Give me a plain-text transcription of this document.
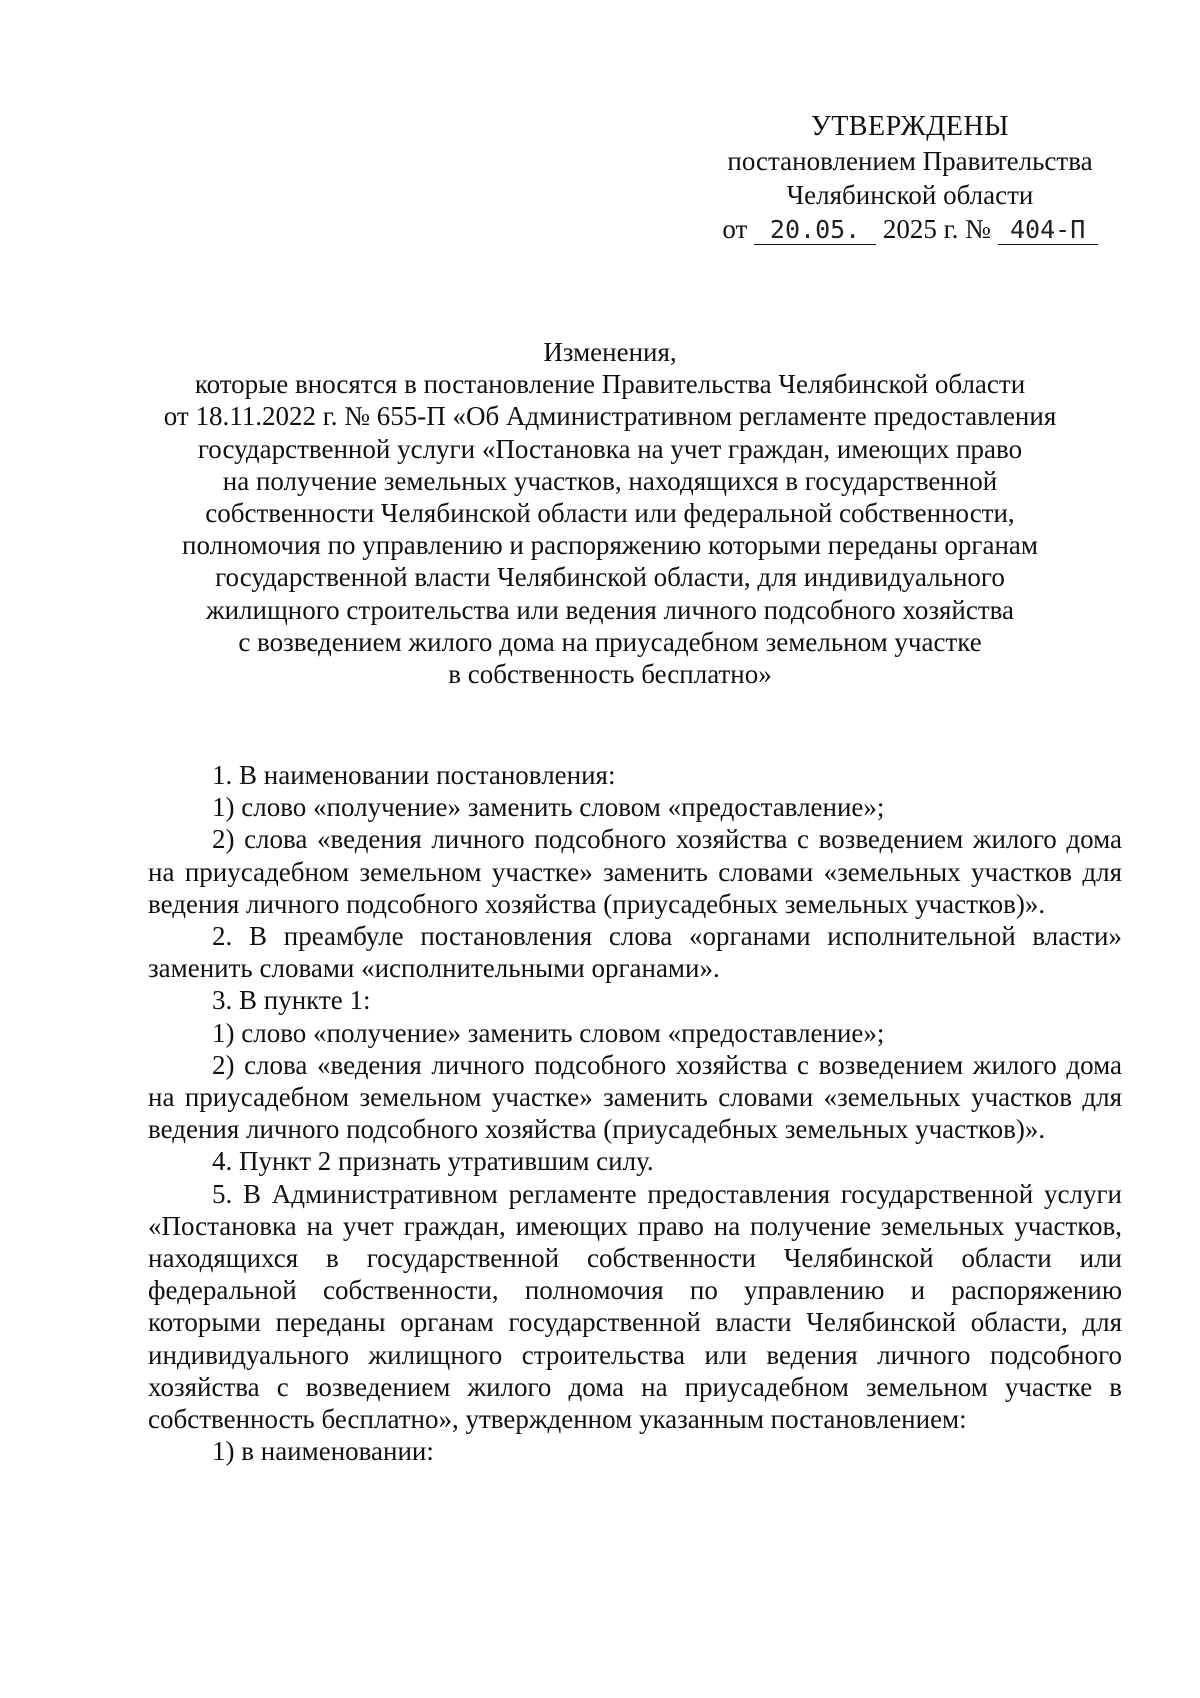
УТВЕРЖДЕНЫ
постановлением Правительства
Челябинской области
от 20.05. 2025 г. № 404-П
Изменения,
которые вносятся в постановление Правительства Челябинской области
от 18.11.2022 г. № 655-П «Об Административном регламенте предоставления
государственной услуги «Постановка на учет граждан, имеющих право
на получение земельных участков, находящихся в государственной
собственности Челябинской области или федеральной собственности,
полномочия по управлению и распоряжению которыми переданы органам
государственной власти Челябинской области, для индивидуального
жилищного строительства или ведения личного подсобного хозяйства
с возведением жилого дома на приусадебном земельном участке
в собственность бесплатно»

1. В наименовании постановления:

1) слово «получение» заменить словом «предоставление»;

2) слова «ведения личного подсобного хозяйства с возведением жилого дома на приусадебном земельном участке» заменить словами «земельных участков для ведения личного подсобного хозяйства (приусадебных земельных участков)».

2. В преамбуле постановления слова «органами исполнительной власти» заменить словами «исполнительными органами».

3. В пункте 1:

1) слово «получение» заменить словом «предоставление»;

2) слова «ведения личного подсобного хозяйства с возведением жилого дома на приусадебном земельном участке» заменить словами «земельных участков для ведения личного подсобного хозяйства (приусадебных земельных участков)».

4. Пункт 2 признать утратившим силу.

5. В Административном регламенте предоставления государственной услуги «Постановка на учет граждан, имеющих право на получение земельных участков, находящихся в государственной собственности Челябинской области или федеральной собственности, полномочия по управлению и распоряжению которыми переданы органам государственной власти Челябинской области, для индивидуального жилищного строительства или ведения личного подсобного хозяйства с возведением жилого дома на приусадебном земельном участке в собственность бесплатно», утвержденном указанным постановлением:

1) в наименовании:
